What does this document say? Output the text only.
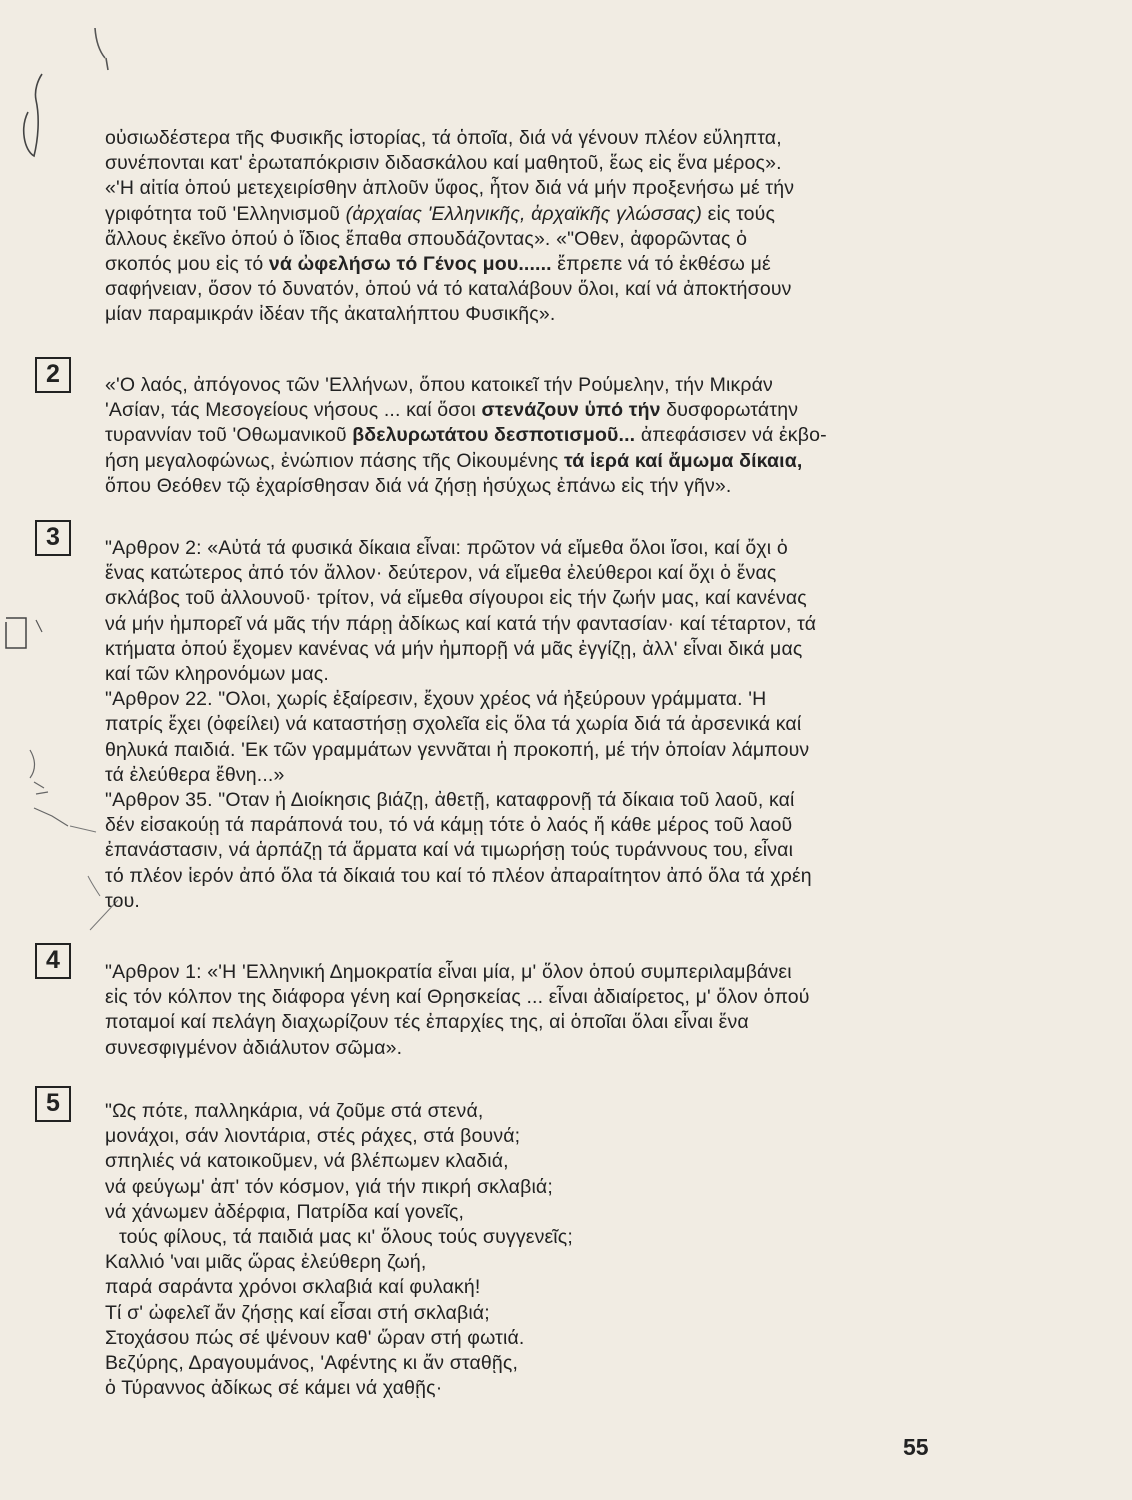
οὐσιωδέστερα τῆς Φυσικῆς ἱστορίας, τά ὁποῖα, διά νά γένουν πλέον εὔληπτα,
συνέπονται κατ' ἐρωταπόκρισιν διδασκάλου καί μαθητοῦ, ἕως εἰς ἕνα μέρος».
«'Η αἰτία ὁπού μετεχειρίσθην ἁπλοῦν ὕφος, ἦτον διά νά μήν προξενήσω μέ τήν
γριφότητα τοῦ 'Ελληνισμοῦ (ἀρχαίας 'Ελληνικῆς, ἀρχαϊκῆς γλώσσας) εἰς τούς
ἄλλους ἐκεῖνο ὁπού ὁ ἴδιος ἔπαθα σπουδάζοντας». «"Οθεν, ἀφορῶντας ὁ
σκοπός μου εἰς τό νά ὠφελήσω τό Γένος μου...... ἔπρεπε νά τό ἐκθέσω μέ
σαφήνειαν, ὅσον τό δυνατόν, ὁπού νά τό καταλάβουν ὅλοι, καί νά ἀποκτήσουν
μίαν παραμικράν ἰδέαν τῆς ἀκαταλήπτου Φυσικῆς».
2	«'Ο λαός, ἀπόγονος τῶν 'Ελλήνων, ὅπου κατοικεῖ τήν Ρούμελην, τήν Μικράν
'Ασίαν, τάς Μεσογείους νήσους ... καί ὅσοι στενάζουν ὑπό τήν δυσφορωτάτην
τυραννίαν τοῦ 'Οθωμανικοῦ βδελυρωτάτου δεσποτισμοῦ... ἀπεφάσισεν νά ἐκβο-
ήση μεγαλοφώνως, ἐνώπιον πάσης τῆς Οἰκουμένης τά ἱερά καί ἄμωμα δίκαια,
ὅπου Θεόθεν τῷ ἐχαρίσθησαν διά νά ζήσῃ ἡσύχως ἐπάνω εἰς τήν γῆν».
3	"Αρθρον 2: «Αὐτά τά φυσικά δίκαια εἶναι: πρῶτον νά εἴμεθα ὅλοι ἴσοι, καί ὄχι ὁ
ἕνας κατώτερος ἀπό τόν ἄλλον· δεύτερον, νά εἴμεθα ἐλεύθεροι καί ὄχι ὁ ἕνας
σκλάβος τοῦ ἀλλουνοῦ· τρίτον, νά εἴμεθα σίγουροι εἰς τήν ζωήν μας, καί κανένας
νά μήν ἠμπορεῖ νά μᾶς τήν πάρῃ ἀδίκως καί κατά τήν φαντασίαν· καί τέταρτον, τά
κτήματα ὁπού ἔχομεν κανένας νά μήν ἠμπορῇ νά μᾶς ἐγγίζῃ, ἀλλ' εἶναι δικά μας
καί τῶν κληρονόμων μας.
"Αρθρον 22. "Ολοι, χωρίς ἐξαίρεσιν, ἔχουν χρέος νά ἠξεύρουν γράμματα. 'Η
πατρίς ἔχει (ὀφείλει) νά καταστήσῃ σχολεῖα εἰς ὅλα τά χωρία διά τά ἀρσενικά καί
θηλυκά παιδιά. 'Εκ τῶν γραμμάτων γεννᾶται ἡ προκοπή, μέ τήν ὁποίαν λάμπουν
τά ἐλεύθερα ἔθνη...»
"Αρθρον 35. "Οταν ἡ Διοίκησις βιάζῃ, ἀθετῇ, καταφρονῇ τά δίκαια τοῦ λαοῦ, καί
δέν εἰσακούῃ τά παράπονά του, τό νά κάμῃ τότε ὁ λαός ἤ κάθε μέρος τοῦ λαοῦ
ἐπανάστασιν, νά ἁρπάζῃ τά ἅρματα καί νά τιμωρήσῃ τούς τυράννους του, εἶναι
τό πλέον ἱερόν ἀπό ὅλα τά δίκαιά του καί τό πλέον ἀπαραίτητον ἀπό ὅλα τά χρέη
του.
4	"Αρθρον 1: «'Η 'Ελληνική Δημοκρατία εἶναι μία, μ' ὅλον ὁπού συμπεριλαμβάνει
εἰς τόν κόλπον της διάφορα γένη καί Θρησκείας ... εἶναι ἀδιαίρετος, μ' ὅλον ὁπού
ποταμοί καί πελάγη διαχωρίζουν τές ἐπαρχίες της, αἱ ὁποῖαι ὅλαι εἶναι ἕνα
συνεσφιγμένον ἀδιάλυτον σῶμα».
5	"Ως πότε, παλληκάρια, νά ζοῦμε στά στενά,
μονάχοι, σάν λιοντάρια, στές ράχες, στά βουνά;
σπηλιές νά κατοικοῦμεν, νά βλέπωμεν κλαδιά,
νά φεύγωμ' ἀπ' τόν κόσμον, γιά τήν πικρή σκλαβιά;
νά χάνωμεν ἀδέρφια, Πατρίδα καί γονεῖς,
τούς φίλους, τά παιδιά μας κι' ὅλους τούς συγγενεῖς;
Καλλιό 'ναι μιᾶς ὥρας ἐλεύθερη ζωή,
παρά σαράντα χρόνοι σκλαβιά καί φυλακή!
Τί σ' ὠφελεῖ ἄν ζήσῃς καί εἶσαι στή σκλαβιά;
Στοχάσου πώς σέ ψένουν καθ' ὥραν στή φωτιά.
Βεζύρης, Δραγουμάνος, 'Αφέντης κι ἄν σταθῇς,
ὁ Τύραννος ἀδίκως σέ κάμει νά χαθῇς·
55
